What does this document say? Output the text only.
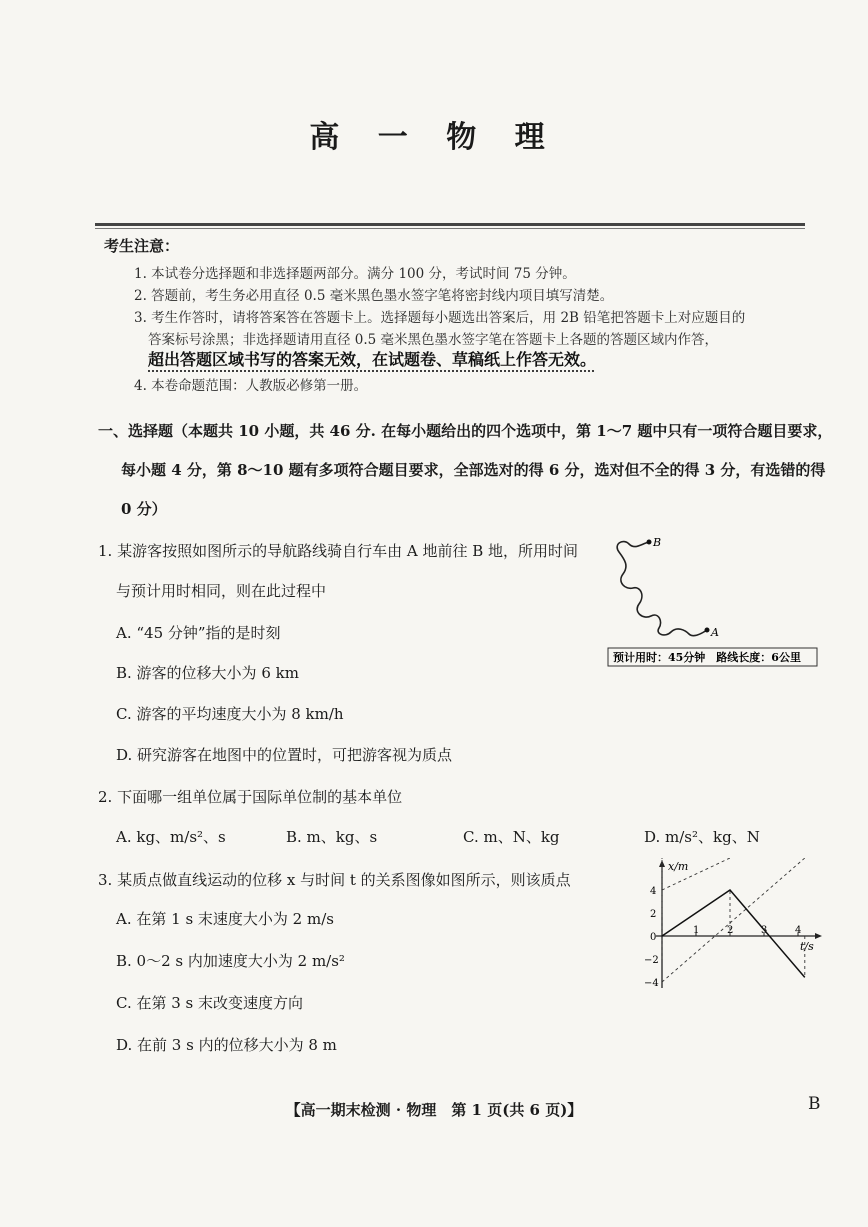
高 一 物 理
考生注意：
1. 本试卷分选择题和非选择题两部分。满分 100 分，考试时间 75 分钟。
2. 答题前，考生务必用直径 0.5 毫米黑色墨水签字笔将密封线内项目填写清楚。
3. 考生作答时，请将答案答在答题卡上。选择题每小题选出答案后，用 2B 铅笔把答题卡上对应题目的
答案标号涂黑；非选择题请用直径 0.5 毫米黑色墨水签字笔在答题卡上各题的答题区域内作答，
超出答题区域书写的答案无效，在试题卷、草稿纸上作答无效。
4. 本卷命题范围：人教版必修第一册。
一、选择题（本题共 10 小题，共 46 分. 在每小题给出的四个选项中，第 1～7 题中只有一项符合题目要求，
每小题 4 分，第 8～10 题有多项符合题目要求，全部选对的得 6 分，选对但不全的得 3 分，有选错的得
0 分）
1. 某游客按照如图所示的导航路线骑自行车由 A 地前往 B 地，所用时间
与预计用时相同，则在此过程中
A. “45 分钟”指的是时刻
B. 游客的位移大小为 6 km
C. 游客的平均速度大小为 8 km/h
D. 研究游客在地图中的位置时，可把游客视为质点
B
A
预计用时：45分钟　路线长度：6公里
2. 下面哪一组单位属于国际单位制的基本单位
A. kg、m/s²、s	B. m、kg、s	C. m、N、kg	D. m/s²、kg、N
3. 某质点做直线运动的位移 x 与时间 t 的关系图像如图所示，则该质点
A. 在第 1 s 末速度大小为 2 m/s
B. 0～2 s 内加速度大小为 2 m/s²
C. 在第 3 s 末改变速度方向
D. 在前 3 s 内的位移大小为 8 m
x/m
t/s
0
1	2	3	4
4
2
−2
−4
【高一期末检测 · 物理　第 1 页(共 6 页)】	B
